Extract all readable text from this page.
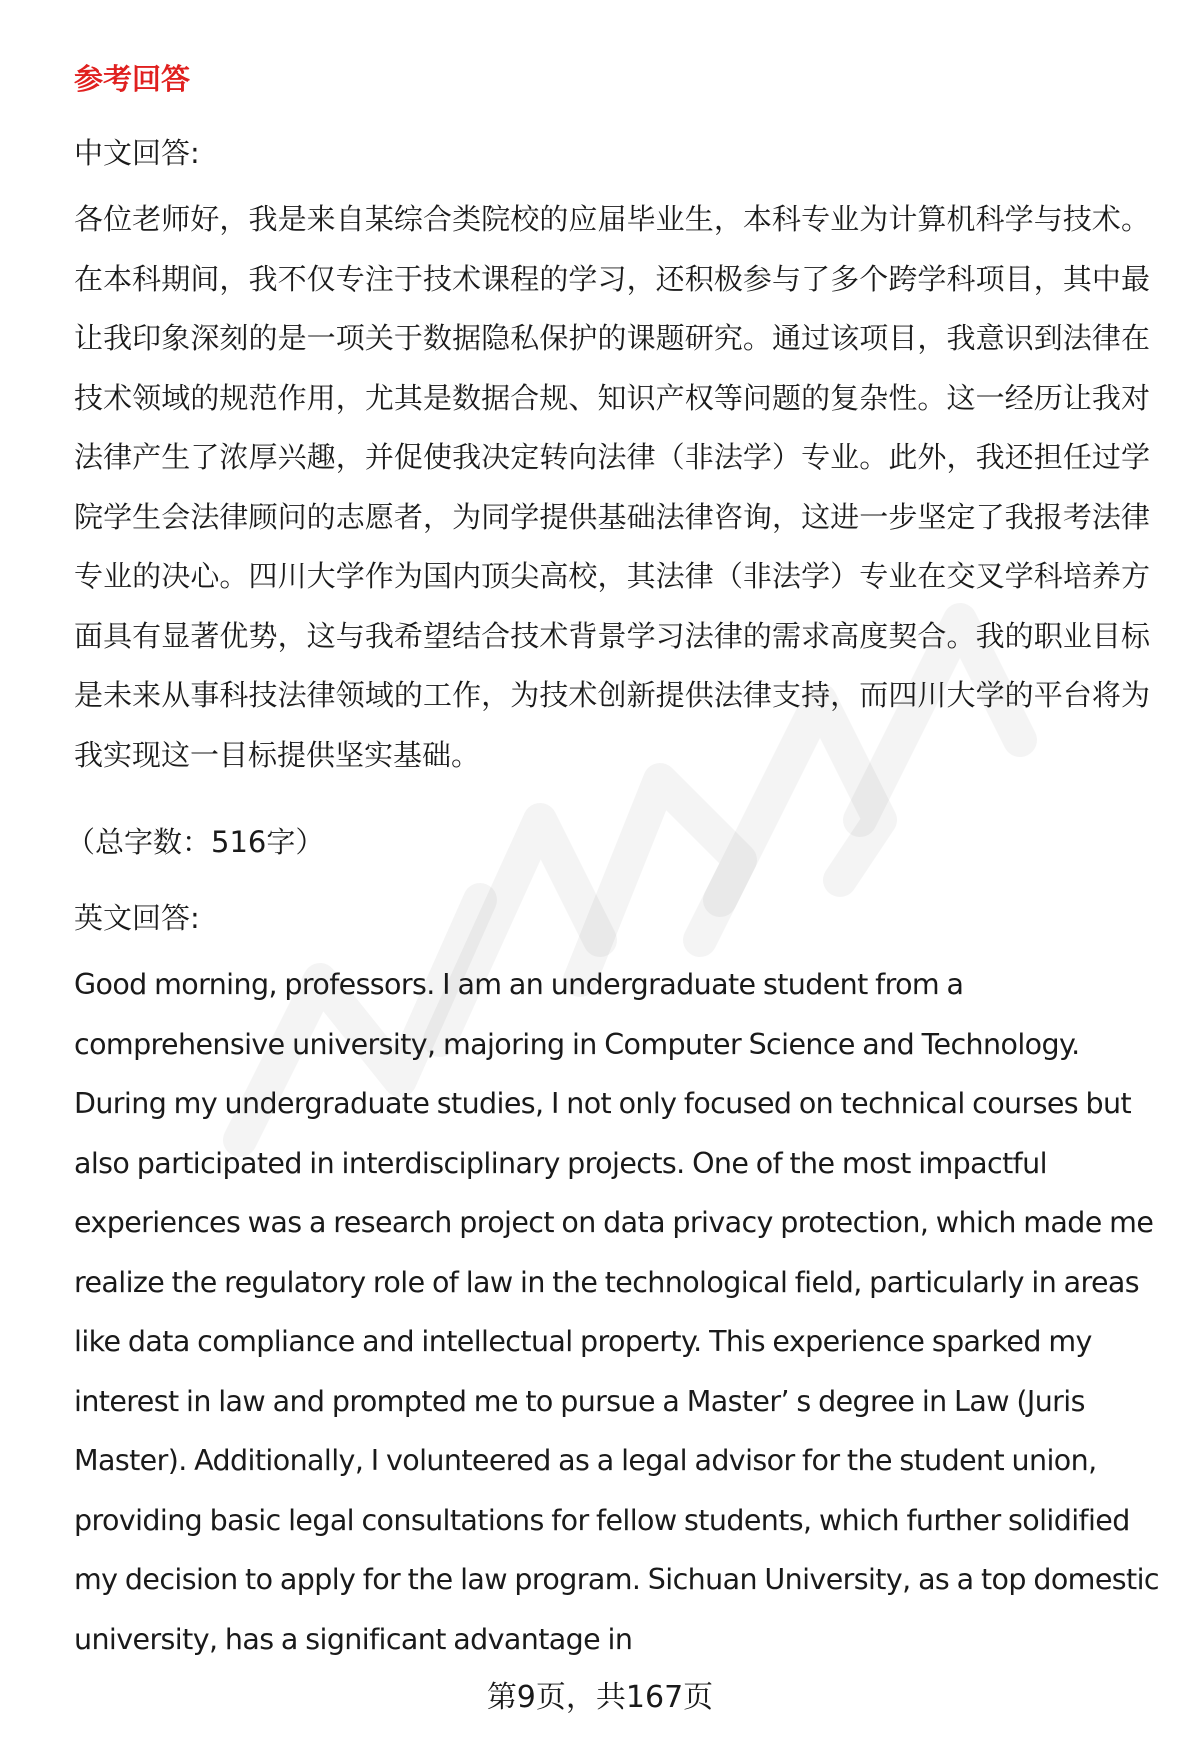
参考回答
中文回答:

各位老师好，我是来自某综合类院校的应届毕业生，本科专业为计算机科学与技术。在本科期间，我不仅专注于技术课程的学习，还积极参与了多个跨学科项目，其中最让我印象深刻的是一项关于数据隐私保护的课题研究。通过该项目，我意识到法律在技术领域的规范作用，尤其是数据合规、知识产权等问题的复杂性。这一经历让我对法律产生了浓厚兴趣，并促使我决定转向法律（非法学）专业。此外，我还担任过学院学生会法律顾问的志愿者，为同学提供基础法律咨询，这进一步坚定了我报考法律专业的决心。四川大学作为国内顶尖高校，其法律（非法学）专业在交叉学科培养方面具有显著优势，这与我希望结合技术背景学习法律的需求高度契合。我的职业目标是未来从事科技法律领域的工作，为技术创新提供法律支持，而四川大学的平台将为我实现这一目标提供坚实基础。

（总字数：516字）
英文回答:

Good morning, professors. I am an undergraduate student from a comprehensive university, majoring in Computer Science and Technology. During my undergraduate studies, I not only focused on technical courses but also participated in interdisciplinary projects. One of the most impactful experiences was a research project on data privacy protection, which made me realize the regulatory role of law in the technological field, particularly in areas like data compliance and intellectual property. This experience sparked my interest in law and prompted me to pursue a Master’ s degree in Law (Juris Master). Additionally, I volunteered as a legal advisor for the student union, providing basic legal consultations for fellow students, which further solidified my decision to apply for the law program. Sichuan University, as a top domestic university, has a significant advantage in

第9页，共167页
